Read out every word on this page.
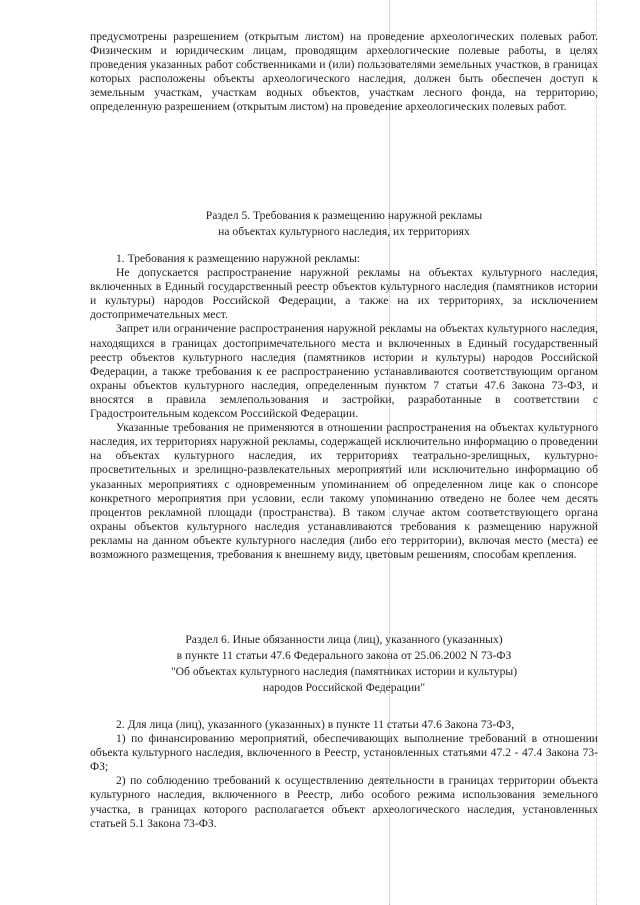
предусмотрены разрешением (открытым листом) на проведение археологических полевых работ. Физическим и юридическим лицам, проводящим археологические полевые работы, в целях проведения указанных работ собственниками и (или) пользователями земельных участков, в границах которых расположены объекты археологического наследия, должен быть обеспечен доступ к земельным участкам, участкам водных объектов, участкам лесного фонда, на территорию, определенную разрешением (открытым листом) на проведение археологических полевых работ.

Раздел 5. Требования к размещению наружной рекламы
на объектах культурного наследия, их территориях

1. Требования к размещению наружной рекламы:

Не допускается распространение наружной рекламы на объектах культурного наследия, включенных в Единый государственный реестр объектов культурного наследия (памятников истории и культуры) народов Российской Федерации, а также на их территориях, за исключением достопримечательных мест.

Запрет или ограничение распространения наружной рекламы на объектах культурного наследия, находящихся в границах достопримечательного места и включенных в Единый государственный реестр объектов культурного наследия (памятников истории и культуры) народов Российской Федерации, а также требования к ее распространению устанавливаются соответствующим органом охраны объектов культурного наследия, определенным пунктом 7 статьи 47.6 Закона 73-ФЗ, и вносятся в правила землепользования и застройки, разработанные в соответствии с Градостроительным кодексом Российской Федерации.

Указанные требования не применяются в отношении распространения на объектах культурного наследия, их территориях наружной рекламы, содержащей исключительно информацию о проведении на объектах культурного наследия, их территориях театрально-зрелищных, культурно-просветительных и зрелищно-развлекательных мероприятий или исключительно информацию об указанных мероприятиях с одновременным упоминанием об определенном лице как о спонсоре конкретного мероприятия при условии, если такому упоминанию отведено не более чем десять процентов рекламной площади (пространства). В таком случае актом соответствующего органа охраны объектов культурного наследия устанавливаются требования к размещению наружной рекламы на данном объекте культурного наследия (либо его территории), включая место (места) ее возможного размещения, требования к внешнему виду, цветовым решениям, способам крепления.

Раздел 6. Иные обязанности лица (лиц), указанного (указанных)
в пункте 11 статьи 47.6 Федерального закона от 25.06.2002 N 73-ФЗ
"Об объектах культурного наследия (памятниках истории и культуры)
народов Российской Федерации"

2. Для лица (лиц), указанного (указанных) в пункте 11 статьи 47.6 Закона 73-ФЗ,

1) по финансированию мероприятий, обеспечивающих выполнение требований в отношении объекта культурного наследия, включенного в Реестр, установленных статьями 47.2 - 47.4 Закона 73-ФЗ;

2) по соблюдению требований к осуществлению деятельности в границах территории объекта культурного наследия, включенного в Реестр, либо особого режима использования земельного участка, в границах которого располагается объект археологического наследия, установленных статьей 5.1 Закона 73-ФЗ.
